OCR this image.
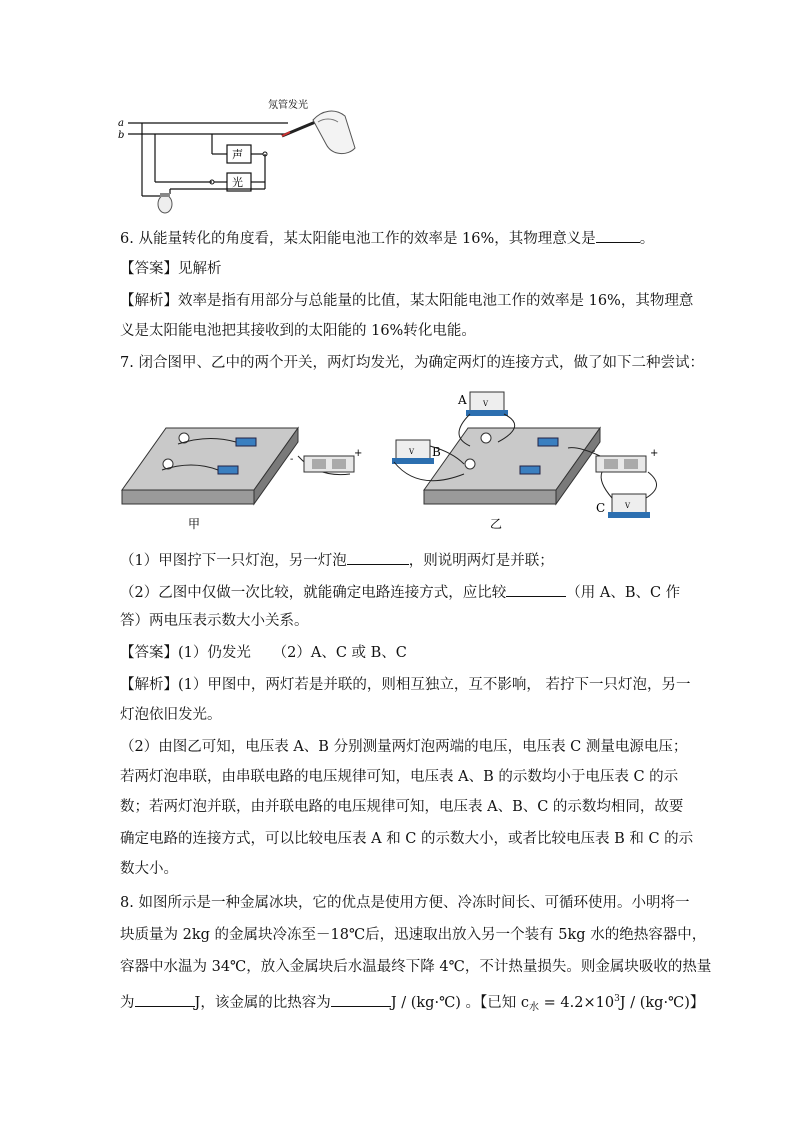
a
b
声
光
氖管发光
6. 从能量转化的角度看，某太阳能电池工作的效率是 16%，其物理意义是	。
【答案】见解析
【解析】效率是指有用部分与总能量的比值，某太阳能电池工作的效率是 16%，其物理意
义是太阳能电池把其接收到的太阳能的 16%转化电能。
7. 闭合图甲、乙中的两个开关，两灯均发光，为确定两灯的连接方式，做了如下二种尝试：
-
+
甲
V
A
V B	-	+
V
C
乙
（1）甲图拧下一只灯泡，另一灯泡	，则说明两灯是并联；
（2）乙图中仅做一次比较，就能确定电路连接方式，应比较	（用 A、B、C 作
答）两电压表示数大小关系。
【答案】(1）仍发光　　（2）A、C 或 B、C
【解析】(1）甲图中，两灯若是并联的，则相互独立，互不影响， 若拧下一只灯泡，另一
灯泡依旧发光。
（2）由图乙可知，电压表 A、B 分别测量两灯泡两端的电压，电压表 C 测量电源电压；
若两灯泡串联，由串联电路的电压规律可知，电压表 A、B 的示数均小于电压表 C 的示
数；若两灯泡并联，由并联电路的电压规律可知，电压表 A、B、C 的示数均相同，故要
确定电路的连接方式，可以比较电压表 A 和 C 的示数大小，或者比较电压表 B 和 C 的示
数大小。
8. 如图所示是一种金属冰块，它的优点是使用方便、冷冻时间长、可循环使用。小明将一
块质量为 2kg 的金属块冷冻至－18℃后，迅速取出放入另一个装有 5kg 水的绝热容器中，
容器中水温为 34℃，放入金属块后水温最终下降 4℃，不计热量损失。则金属块吸收的热量
为	J，该金属的比热容为	J / (kg·℃) 。【已知 $c_水 = 4.2\times 10^3J$ / (kg·℃)】
